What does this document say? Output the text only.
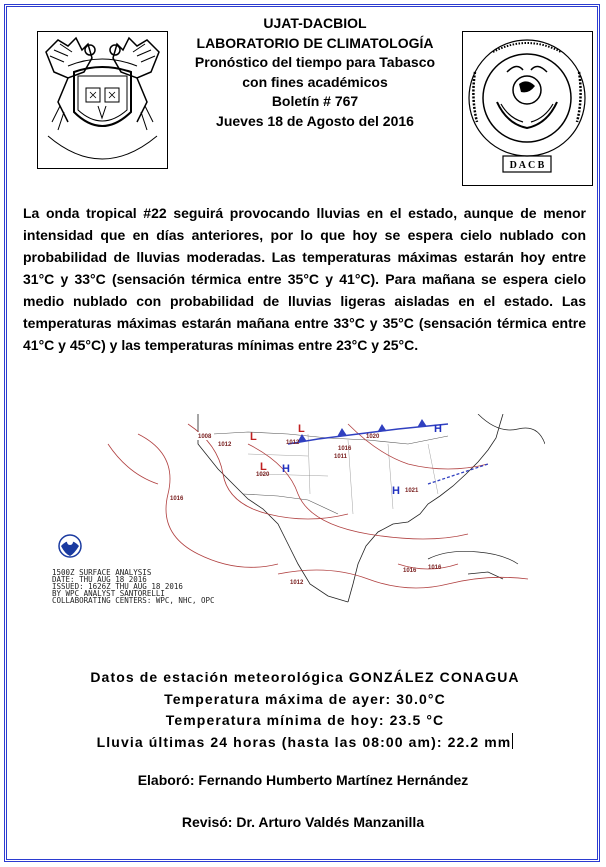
D A C B
UJAT-DACBIOL
LABORATORIO DE CLIMATOLOGÍA
Pronóstico del tiempo para Tabasco
con fines académicos
Boletín # 767
Jueves 18 de Agosto del 2016
La onda tropical #22 seguirá provocando lluvias en el estado, aunque de menor intensidad que en días anteriores, por lo que hoy se espera cielo nublado con probabilidad de lluvias moderadas. Las temperaturas máximas estarán hoy entre 31°C y 33°C (sensación térmica entre 35°C y 41°C). Para mañana se espera cielo medio nublado con probabilidad de lluvias ligeras aisladas en el estado. Las temperaturas máximas estarán mañana entre 33°C y 35°C (sensación térmica entre 41°C y 45°C) y las temperaturas mínimas entre 23°C y 25°C.
1008
1012
1016
1020
1012
1016
1020
1012
1016
1021
1011
1016
H
H
H
L
L
L
1500Z SURFACE ANALYSIS
DATE: THU AUG 18 2016
ISSUED: 1626Z THU AUG 18 2016
BY WPC ANALYST SANTORELLI
COLLABORATING CENTERS: WPC, NHC, OPC
Datos de estación meteorológica GONZÁLEZ CONAGUA
Temperatura máxima de ayer: 30.0°C
Temperatura mínima de hoy: 23.5 °C
Lluvia últimas 24 horas (hasta las 08:00 am): 22.2 mm
Elaboró: Fernando Humberto Martínez Hernández
Revisó: Dr. Arturo Valdés Manzanilla
